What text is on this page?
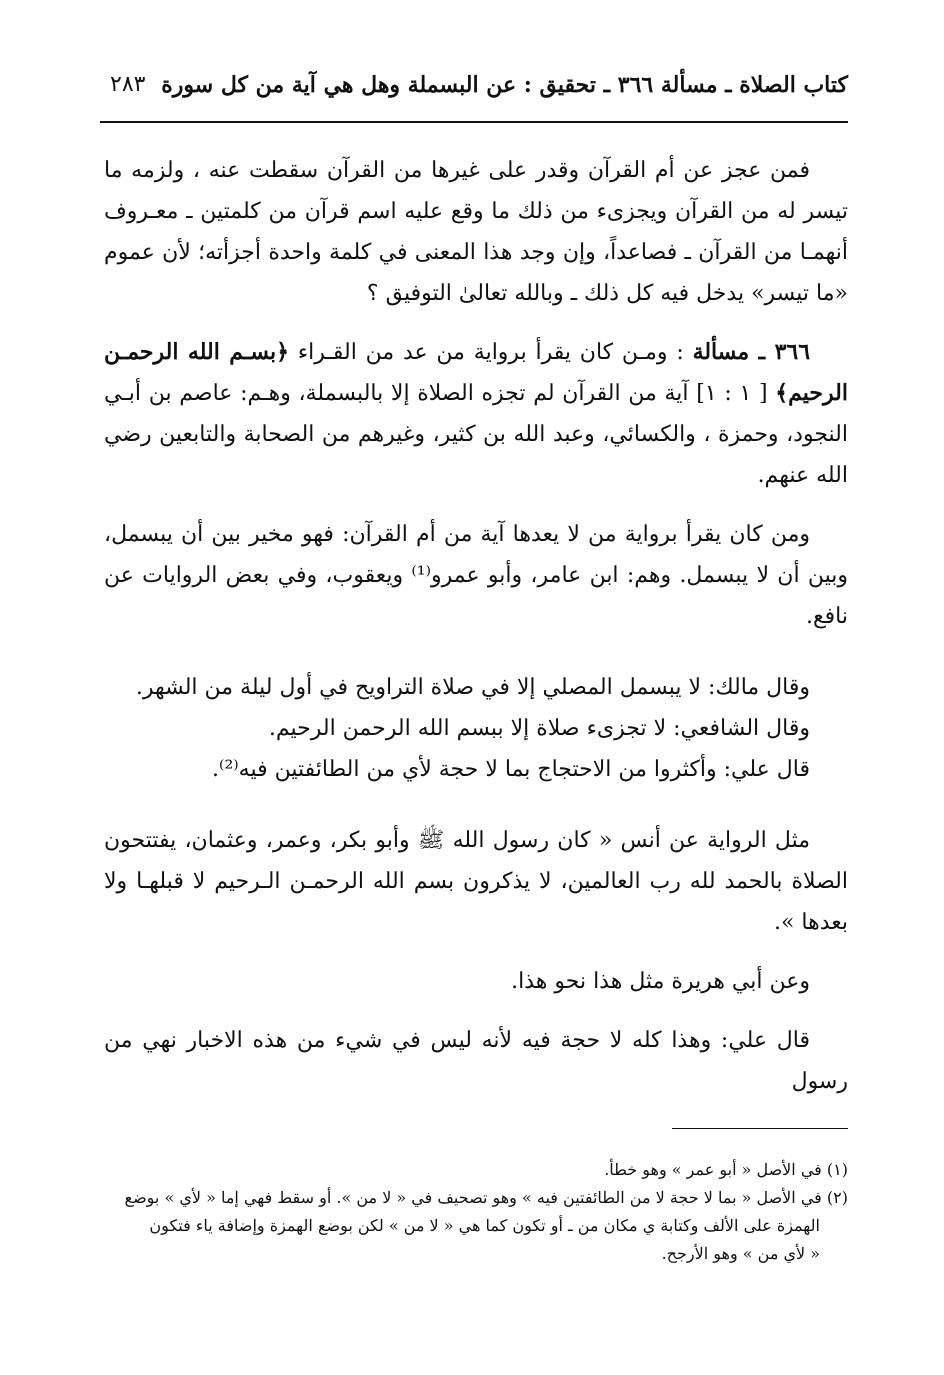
كتاب الصلاة ـ مسألة ٣٦٦ ـ تحقيق : عن البسملة وهل هي آية من كل سورة
٢٨٣

فمن عجز عن أم القرآن وقدر على غيرها من القرآن سقطت عنه ، ولزمه ما تيسر له من القرآن ويجزىء من ذلك ما وقع عليه اسم قرآن من كلمتين ـ معـروف أنهمـا من القرآن ـ فصاعداً، وإن وجد هذا المعنى في كلمة واحدة أجزأته؛ لأن عموم «ما تيسر» يدخل فيه كل ذلك ـ وبالله تعالىٰ التوفيق ؟

٣٦٦ ـ مسألة : ومـن كان يقرأ برواية من عد من القـراء ﴿بسـم الله الرحمـن الرحيم﴾ [ ١ : ١] آية من القرآن لم تجزه الصلاة إلا بالبسملة، وهـم: عاصم بن أبـي النجود، وحمزة ، والكسائي، وعبد الله بن كثير، وغيرهم من الصحابة والتابعين رضي الله عنهم.

ومن كان يقرأ برواية من لا يعدها آية من أم القرآن: فهو مخير بين أن يبسمل، وبين أن لا يبسمل. وهم: ابن عامر، وأبو عمرو⁽¹⁾ ويعقوب، وفي بعض الروايات عن نافع.

وقال مالك: لا يبسمل المصلي إلا في صلاة التراويح في أول ليلة من الشهر.

وقال الشافعي: لا تجزىء صلاة إلا ببسم الله الرحمن الرحيم.

قال علي: وأكثروا من الاحتجاج بما لا حجة لأي من الطائفتين فيه⁽²⁾.

مثل الرواية عن أنس « كان رسول الله ﷺ وأبو بكر، وعمر، وعثمان، يفتتحون الصلاة بالحمد لله رب العالمين، لا يذكرون بسم الله الرحمـن الـرحيم لا قبلهـا ولا بعدها ».

وعن أبي هريرة مثل هذا نحو هذا.

قال علي: وهذا كله لا حجة فيه لأنه ليس في شيء من هذه الاخبار نهي من رسول

(١) في الأصل « أبو عمر » وهو خطأ.

(٢) في الأصل « بما لا حجة لا من الطائفتين فيه » وهو تصحيف في « لا من ». أو سقط فهي إما « لأي » بوضع

الهمزة على الألف وكتابة ي مكان من ـ أو تكون كما هي « لا من » لكن بوضع الهمزة وإضافة ياء فتكون

« لأي من » وهو الأرجح.
